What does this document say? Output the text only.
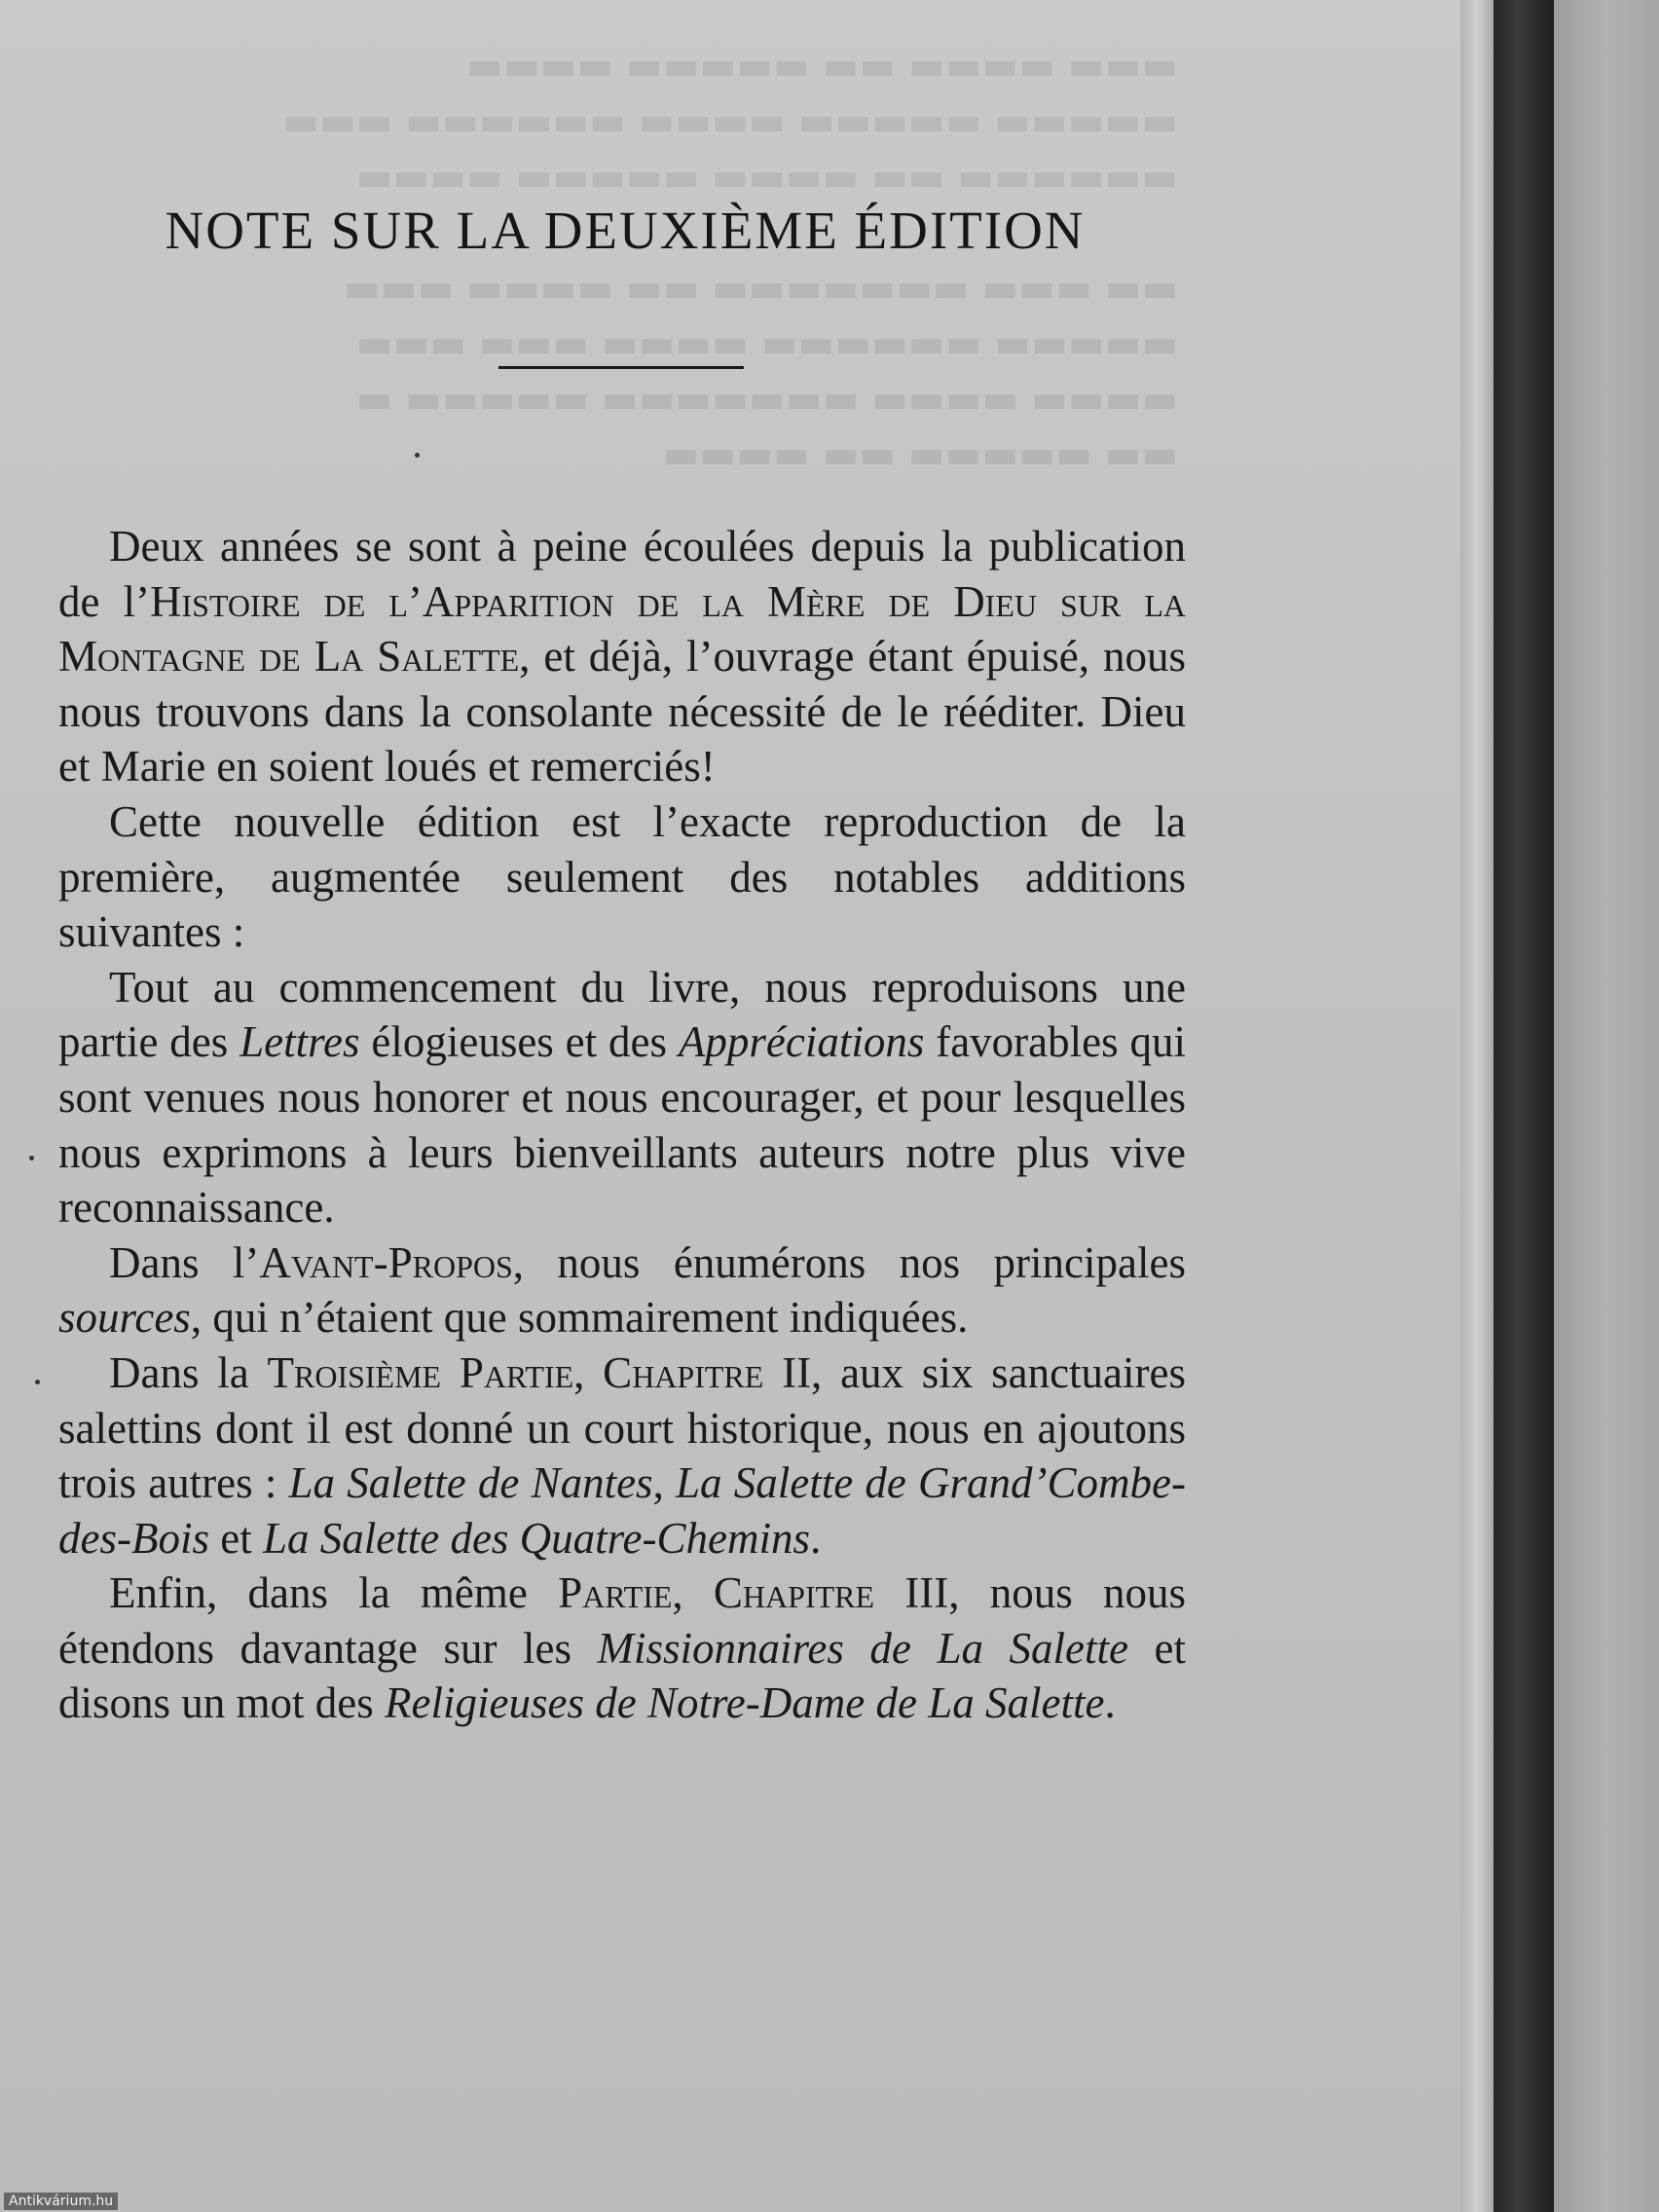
▬▬▬ ▬▬▬▬ ▬▬ ▬▬▬▬▬ ▬▬▬▬
▬▬▬▬▬ ▬▬▬▬▬ ▬▬▬▬ ▬▬▬▬▬▬ ▬▬▬
▬▬▬▬▬▬ ▬▬ ▬▬▬▬ ▬▬▬▬▬ ▬▬▬▬

▬▬ ▬▬▬ ▬▬▬▬▬▬▬ ▬▬ ▬▬▬▬ ▬▬▬
▬▬▬▬▬ ▬▬▬▬▬▬ ▬▬▬▬ ▬▬▬ ▬▬▬
▬▬▬▬ ▬▬▬▬ ▬▬▬▬▬▬▬ ▬▬▬▬▬ ▬
▬▬ ▬▬▬▬▬ ▬▬ ▬▬▬▬
NOTE SUR LA DEUXIÈME ÉDITION

Deux années se sont à peine écoulées depuis la publication de l’Histoire de l’Apparition de la Mère de Dieu sur la Montagne de La Salette, et déjà, l’ouvrage étant épuisé, nous nous trouvons dans la consolante nécessité de le rééditer. Dieu et Marie en soient loués et remerciés!

Cette nouvelle édition est l’exacte reproduction de la première, augmentée seulement des notables additions suivantes :

Tout au commencement du livre, nous reproduisons une partie des Lettres élogieuses et des Appréciations favorables qui sont venues nous honorer et nous encourager, et pour lesquelles nous exprimons à leurs bienveillants auteurs notre plus vive reconnaissance.

Dans l’Avant-Propos, nous énumérons nos principales sources, qui n’étaient que sommairement indiquées.

Dans la Troisième Partie, Chapitre II, aux six sanctuaires salettins dont il est donné un court historique, nous en ajoutons trois autres : La Salette de Nantes, La Salette de Grand’Combe-des-Bois et La Salette des Quatre-Chemins.

Enfin, dans la même Partie, Chapitre III, nous nous étendons davantage sur les Missionnaires de La Salette et disons un mot des Religieuses de Notre-Dame de La Salette.

Antikvárium.hu
